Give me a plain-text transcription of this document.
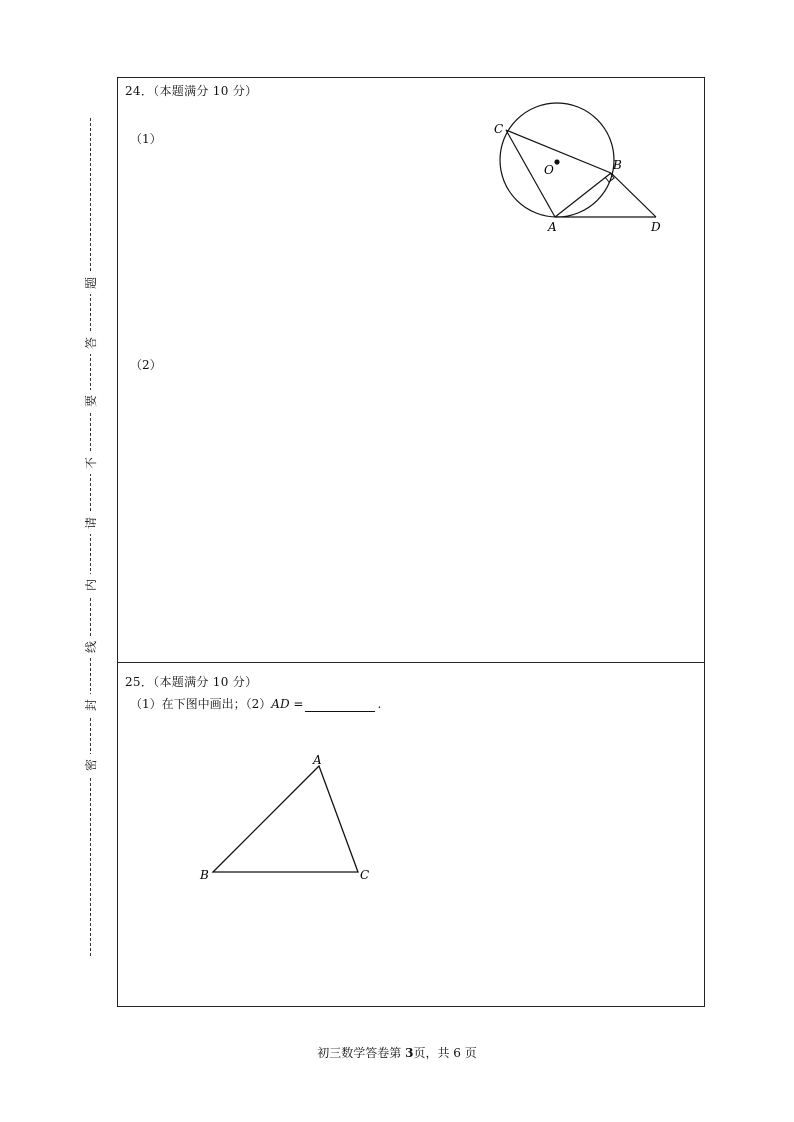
题
答
要
不
请
内
线
封
密
24．（本题满分 10 分）
（1）
（2）
C
O	B
A	D
25．（本题满分 10 分）
（1）在下图中画出；（2）AD =	.
A
B	C
初三数学答卷第 3页，共 6 页
